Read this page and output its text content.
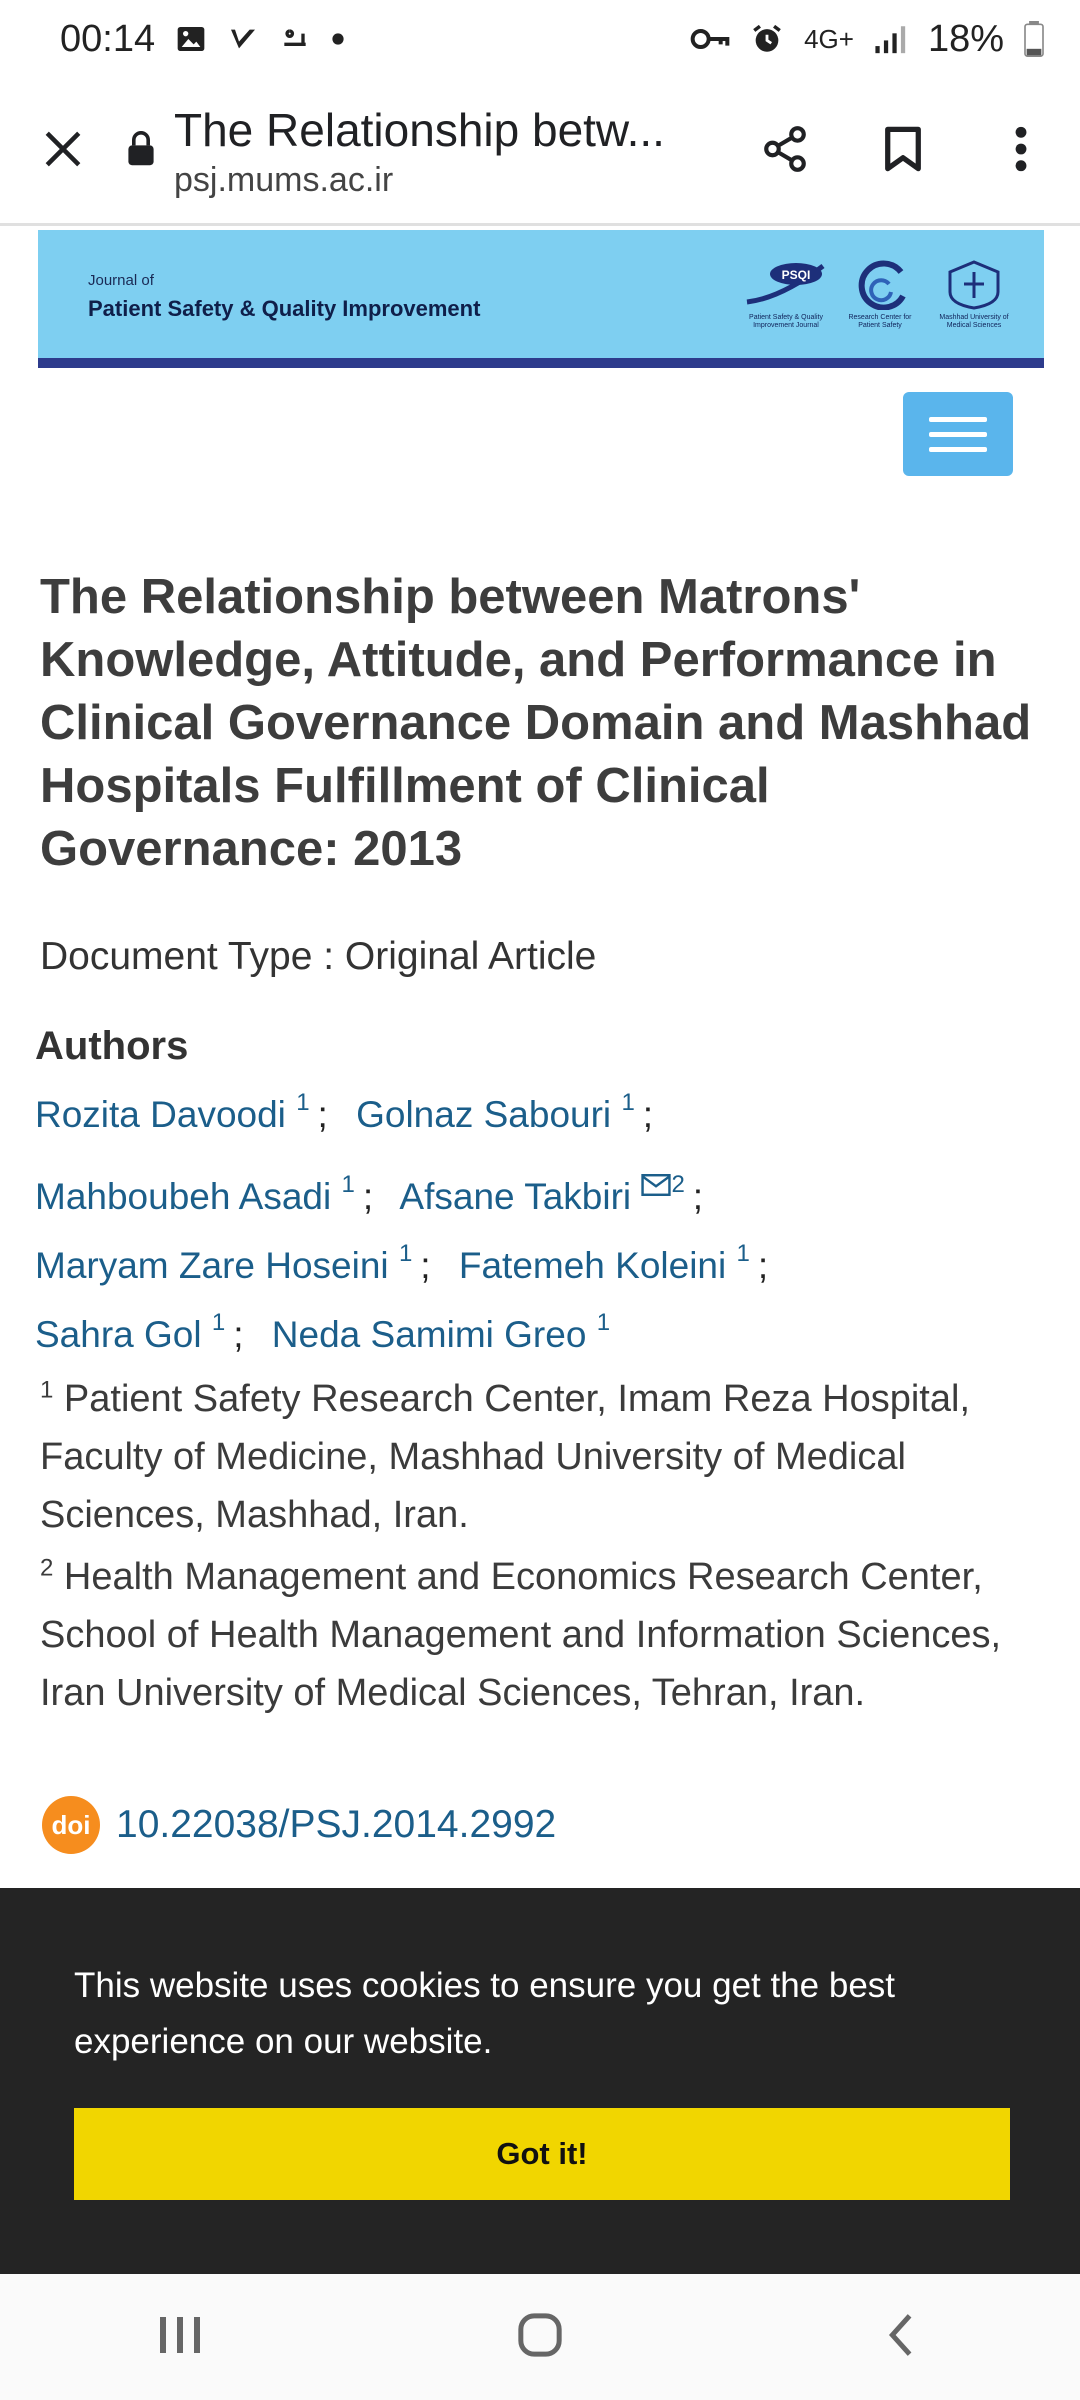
00:14	4G+ 18%
The Relationship betw...
psj.mums.ac.ir
Journal of
Patient Safety & Quality Improvement
PSQI
Patient Safety & Quality Improvement Journal
Research Center for Patient Safety
Mashhad University of Medical Sciences
The Relationship between Matrons' Knowledge, Attitude, and Performance in Clinical Governance Domain and Mashhad Hospitals Fulfillment of Clinical Governance: 2013
Document Type : Original Article
Authors
Rozita Davoodi $^1$ ; Golnaz Sabouri $^1$ ;
Mahboubeh Asadi $^1$ ; Afsane Takbiri $^2$ ;
Maryam Zare Hoseini $^1$ ; Fatemeh Koleini $^1$ ;
Sahra Gol $^1$ ; Neda Samimi Greo $^1$

$^1$ Patient Safety Research Center, Imam Reza Hospital, Faculty of Medicine, Mashhad University of Medical Sciences, Mashhad, Iran.

$^2$ Health Management and Economics Research Center, School of Health Management and Information Sciences, Iran University of Medical Sciences, Tehran, Iran.

doi 10.22038/PSJ.2014.2992

This website uses cookies to ensure you get the best experience on our website.

Got it!
